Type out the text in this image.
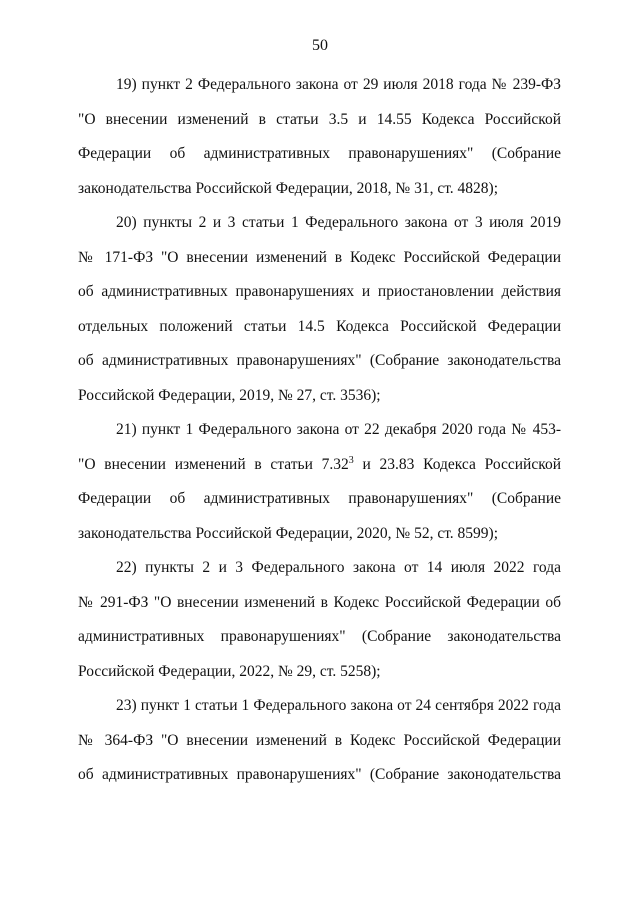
50
19) пункт 2 Федерального закона от 29 июля 2018 года № 239-ФЗ
"О внесении изменений в статьи 3.5 и 14.55 Кодекса Российской
Федерации об административных правонарушениях" (Собрание
законодательства Российской Федерации, 2018, № 31, ст. 4828);
20) пункты 2 и 3 статьи 1 Федерального закона от 3 июля 2019
№ 171-ФЗ "О внесении изменений в Кодекс Российской Федерации
об административных правонарушениях и приостановлении действия
отдельных положений статьи 14.5 Кодекса Российской Федерации
об административных правонарушениях" (Собрание законодательства
Российской Федерации, 2019, № 27, ст. 3536);
21) пункт 1 Федерального закона от 22 декабря 2020 года № 453-
"О внесении изменений в статьи 7.32$^3$ и 23.83 Кодекса Российской
Федерации об административных правонарушениях" (Собрание
законодательства Российской Федерации, 2020, № 52, ст. 8599);
22) пункты 2 и 3 Федерального закона от 14 июля 2022 года
№ 291-ФЗ "О внесении изменений в Кодекс Российской Федерации об
административных правонарушениях" (Собрание законодательства
Российской Федерации, 2022, № 29, ст. 5258);
23) пункт 1 статьи 1 Федерального закона от 24 сентября 2022 года
№ 364-ФЗ "О внесении изменений в Кодекс Российской Федерации
об административных правонарушениях" (Собрание законодательства
